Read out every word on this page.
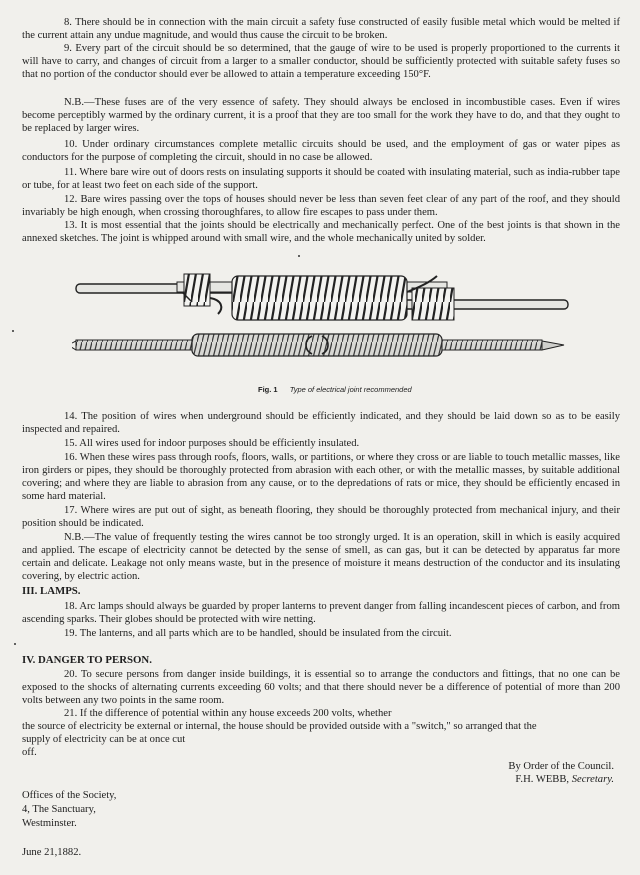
8. There should be in connection with the main circuit a safety fuse constructed of easily fusible metal which would be melted if the current attain any undue magnitude, and would thus cause the circuit to be broken.

9. Every part of the circuit should be so determined, that the gauge of wire to be used is properly proportioned to the currents it will have to carry, and changes of circuit from a larger to a smaller conductor, should be sufficiently protected with suitable safety fuses so that no portion of the conductor should ever be allowed to attain a temperature exceeding 150°F.

N.B.—These fuses are of the very essence of safety. They should always be enclosed in incombustible cases. Even if wires become perceptibly warmed by the ordinary current, it is a proof that they are too small for the work they have to do, and that they ought to be replaced by larger wires.

10. Under ordinary circumstances complete metallic circuits should be used, and the employment of gas or water pipes as conductors for the purpose of completing the circuit, should in no case be allowed.

11. Where bare wire out of doors rests on insulating supports it should be coated with insulating material, such as india-rubber tape or tube, for at least two feet on each side of the support.

12. Bare wires passing over the tops of houses should never be less than seven feet clear of any part of the roof, and they should invariably be high enough, when crossing thoroughfares, to allow fire escapes to pass under them.

13. It is most essential that the joints should be electrically and mechanically perfect. One of the best joints is that shown in the annexed sketches. The joint is whipped around with small wire, and the whole mechanically united by solder.

Fig. 1 Type of electrical joint recommended

14. The position of wires when underground should be efficiently indicated, and they should be laid down so as to be easily inspected and repaired.

15. All wires used for indoor purposes should be efficiently insulated.

16. When these wires pass through roofs, floors, walls, or partitions, or where they cross or are liable to touch metallic masses, like iron girders or pipes, they should be thoroughly protected from abrasion with each other, or with the metallic masses, by suitable additional covering; and where they are liable to abrasion from any cause, or to the depredations of rats or mice, they should be efficiently encased in some hard material.

17. Where wires are put out of sight, as beneath flooring, they should be thoroughly protected from mechanical injury, and their position should be indicated.

N.B.—The value of frequently testing the wires cannot be too strongly urged. It is an operation, skill in which is easily acquired and applied. The escape of electricity cannot be detected by the sense of smell, as can gas, but it can be detected by apparatus far more certain and delicate. Leakage not only means waste, but in the presence of moisture it means destruction of the conductor and its insulating covering, by electric action.

III. LAMPS.

18. Arc lamps should always be guarded by proper lanterns to prevent danger from falling incandescent pieces of carbon, and from ascending sparks. Their globes should be protected with wire netting.

19. The lanterns, and all parts which are to be handled, should be insulated from the circuit.

IV. DANGER TO PERSON.

20. To secure persons from danger inside buildings, it is essential so to arrange the conductors and fittings, that no one can be exposed to the shocks of alternating currents exceeding 60 volts; and that there should never be a difference of potential of more than 200 volts between any two points in the same room.

21. If the difference of potential within any house exceeds 200 volts, whether

the source of electricity be external or internal, the house should be provided outside with a "switch," so arranged that the

supply of electricity can be at once cut

off.

By Order of the Council.

F.H. WEBB, Secretary.

Offices of the Society,

4, The Sanctuary,

Westminster.

June 21,1882.
